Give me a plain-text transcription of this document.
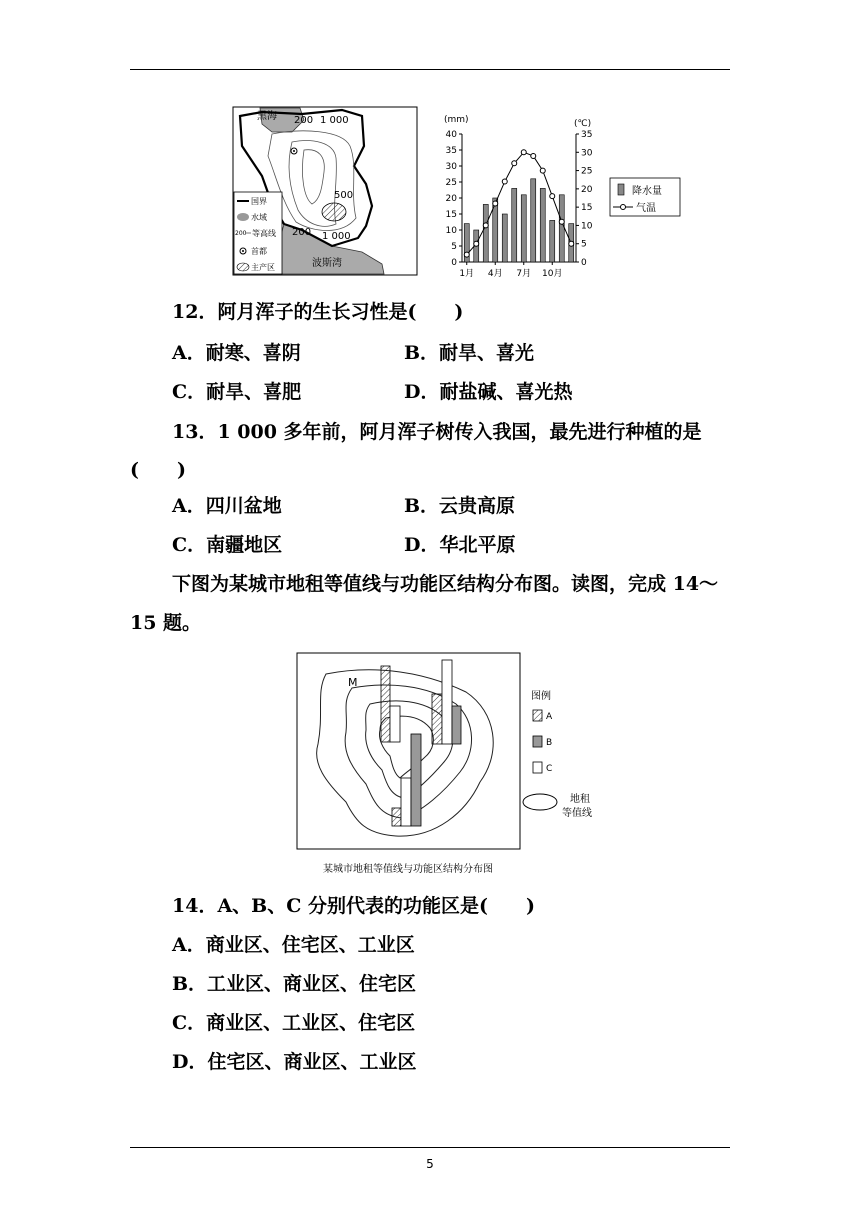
黑海 200 1 000
500
200 1 000
波斯湾
国界
水域
200 等高线
首都
主产区
(mm)	(℃)
40
35
30
25
20
15
10
5
0
35
30
25
20
15
10
5
0
1月 4月 7月 10月
降水量
气温
12．阿月浑子的生长习性是(　　)
A．耐寒、喜阴	B．耐旱、喜光
C．耐旱、喜肥	D．耐盐碱、喜光热
13．1 000 多年前，阿月浑子树传入我国，最先进行种植的是
(　　)
A．四川盆地	B．云贵高原
C．南疆地区	D．华北平原
下图为某城市地租等值线与功能区结构分布图。读图，完成 14～
15 题。
M
图例
A
B
C
地租
等值线
某城市地租等值线与功能区结构分布图
14．A、B、C 分别代表的功能区是(　　)
A．商业区、住宅区、工业区
B．工业区、商业区、住宅区
C．商业区、工业区、住宅区
D．住宅区、商业区、工业区
5
